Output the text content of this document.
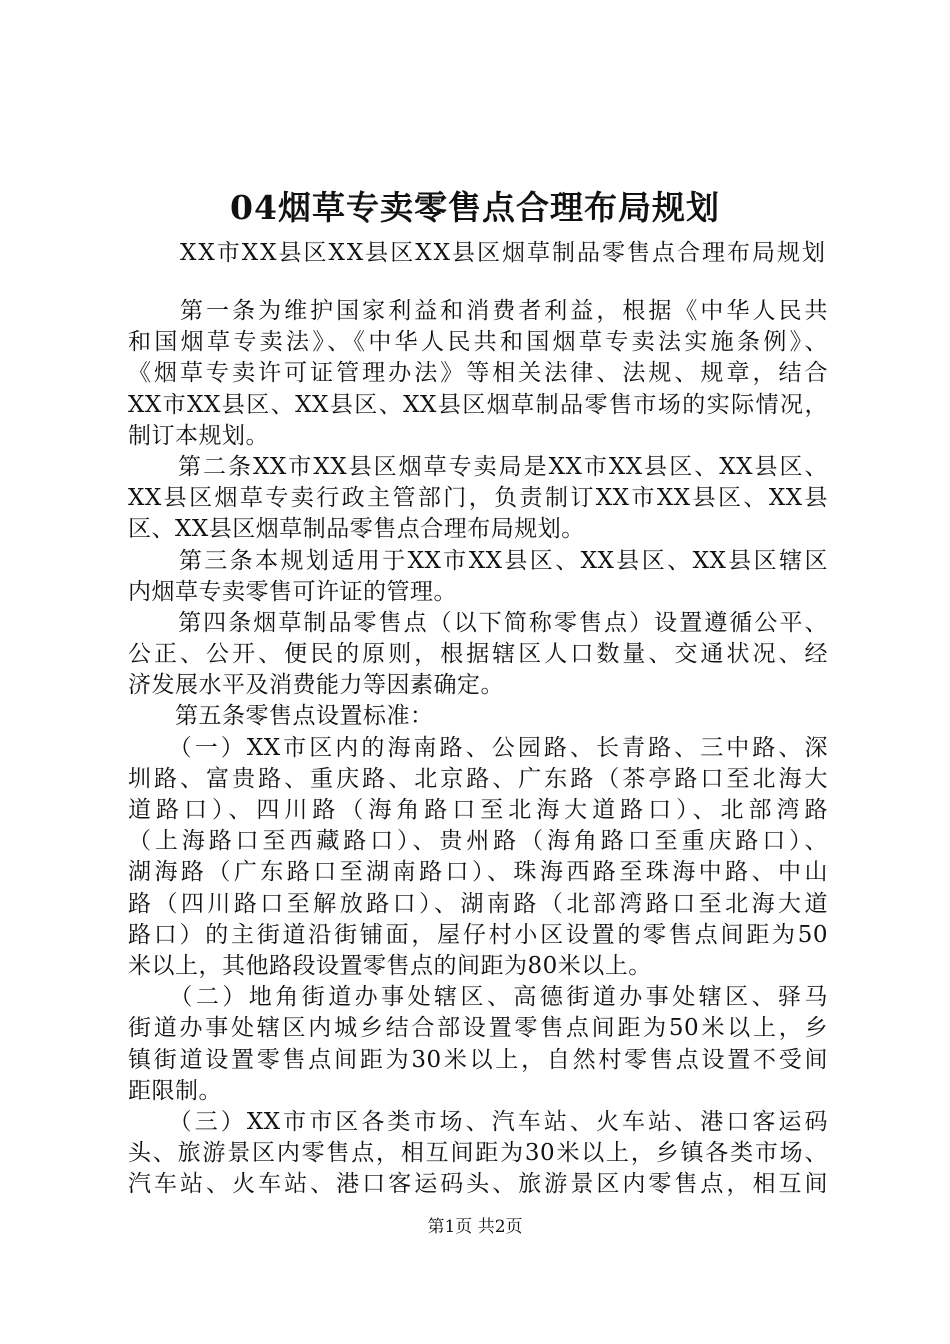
04烟草专卖零售点合理布局规划
XX市XX县区XX县区XX县区烟草制品零售点合理布局规划
　　第一条为维护国家利益和消费者利益，根据《中华人民共
和国烟草专卖法》、《中华人民共和国烟草专卖法实施条例》、
《烟草专卖许可证管理办法》等相关法律、法规、规章，结合
XX市XX县区、XX县区、XX县区烟草制品零售市场的实际情况，
制订本规划。
　　第二条XX市XX县区烟草专卖局是XX市XX县区、XX县区、
XX县区烟草专卖行政主管部门，负责制订XX市XX县区、XX县
区、XX县区烟草制品零售点合理布局规划。
　　第三条本规划适用于XX市XX县区、XX县区、XX县区辖区
内烟草专卖零售可许证的管理。
　　第四条烟草制品零售点（以下简称零售点）设置遵循公平、
公正、公开、便民的原则，根据辖区人口数量、交通状况、经
济发展水平及消费能力等因素确定。
　　第五条零售点设置标准：
　　（一）XX市区内的海南路、公园路、长青路、三中路、深
圳路、富贵路、重庆路、北京路、广东路（茶亭路口至北海大
道路口）、四川路（海角路口至北海大道路口）、北部湾路
（上海路口至西藏路口）、贵州路（海角路口至重庆路口）、
湖海路（广东路口至湖南路口）、珠海西路至珠海中路、中山
路（四川路口至解放路口）、湖南路（北部湾路口至北海大道
路口）的主街道沿街铺面，屋仔村小区设置的零售点间距为50
米以上，其他路段设置零售点的间距为80米以上。
　　（二）地角街道办事处辖区、高德街道办事处辖区、驿马
街道办事处辖区内城乡结合部设置零售点间距为50米以上，乡
镇街道设置零售点间距为30米以上，自然村零售点设置不受间
距限制。
　　（三）XX市市区各类市场、汽车站、火车站、港口客运码
头、旅游景区内零售点，相互间距为30米以上，乡镇各类市场、
汽车站、火车站、港口客运码头、旅游景区内零售点，相互间
第1页 共2页
